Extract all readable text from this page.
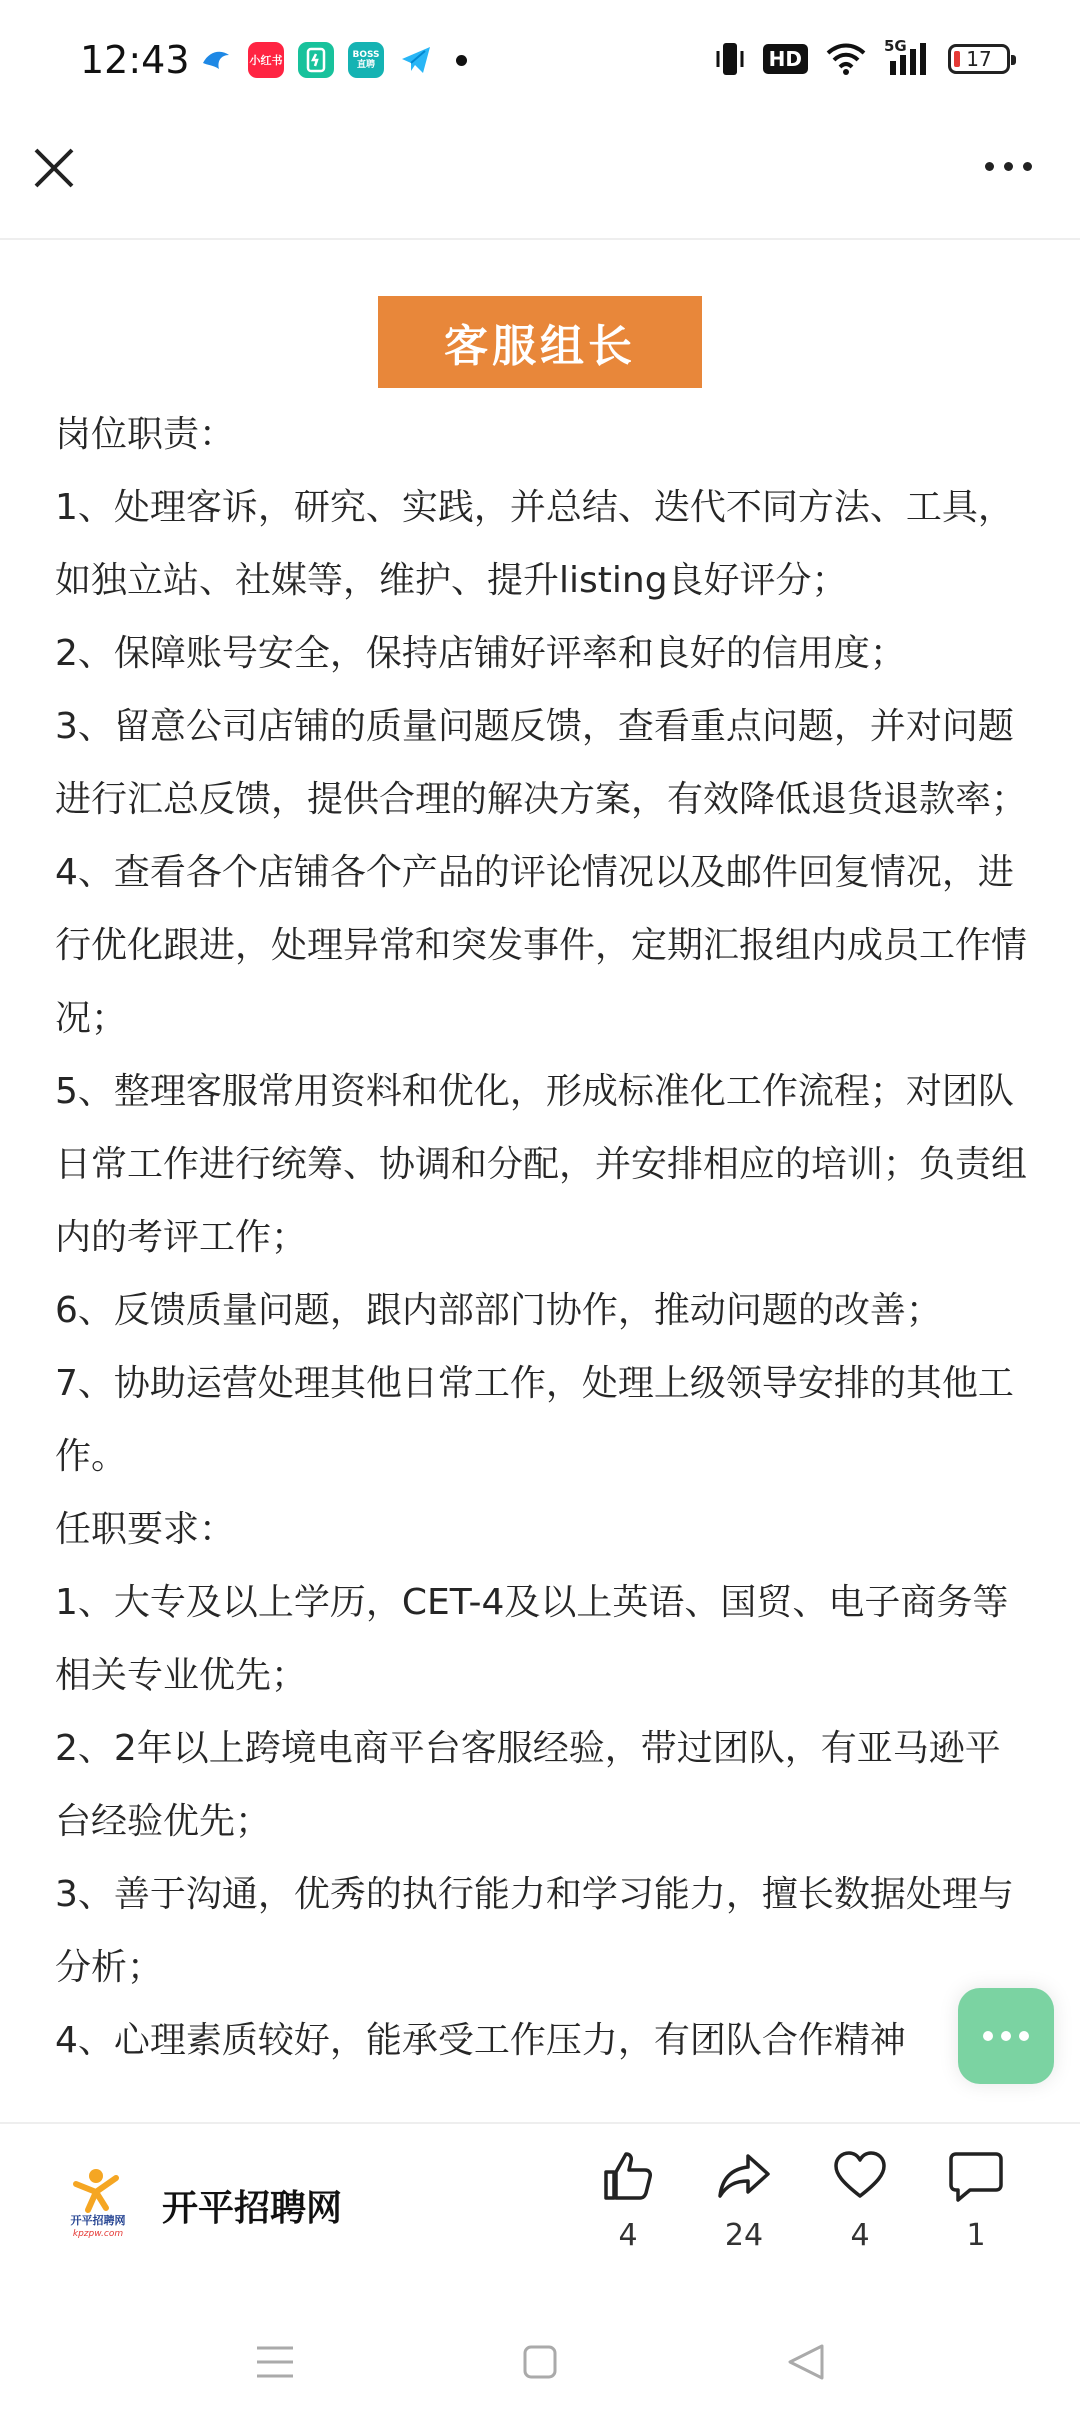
12:43	小红书	BOSS直聘	HD
5G
17
客服组长

岗位职责：

1、处理客诉，研究、实践，并总结、迭代不同方法、工具，如独立站、社媒等，维护、提升listing良好评分；

2、保障账号安全，保持店铺好评率和良好的信用度；

3、留意公司店铺的质量问题反馈，查看重点问题，并对问题进行汇总反馈，提供合理的解决方案，有效降低退货退款率；

4、查看各个店铺各个产品的评论情况以及邮件回复情况，进行优化跟进，处理异常和突发事件，定期汇报组内成员工作情况；

5、整理客服常用资料和优化，形成标准化工作流程；对团队日常工作进行统筹、协调和分配，并安排相应的培训；负责组内的考评工作；

6、反馈质量问题，跟内部部门协作，推动问题的改善；

7、协助运营处理其他日常工作，处理上级领导安排的其他工作。

任职要求：

1、大专及以上学历，CET-4及以上英语、国贸、电子商务等相关专业优先；

2、2年以上跨境电商平台客服经验，带过团队，有亚马逊平台经验优先；

3、善于沟通，优秀的执行能力和学习能力，擅长数据处理与分析；

4、心理素质较好，能承受工作压力，有团队合作精神

开平招聘网
kpzpw.com
开平招聘网
4	24	4	1
